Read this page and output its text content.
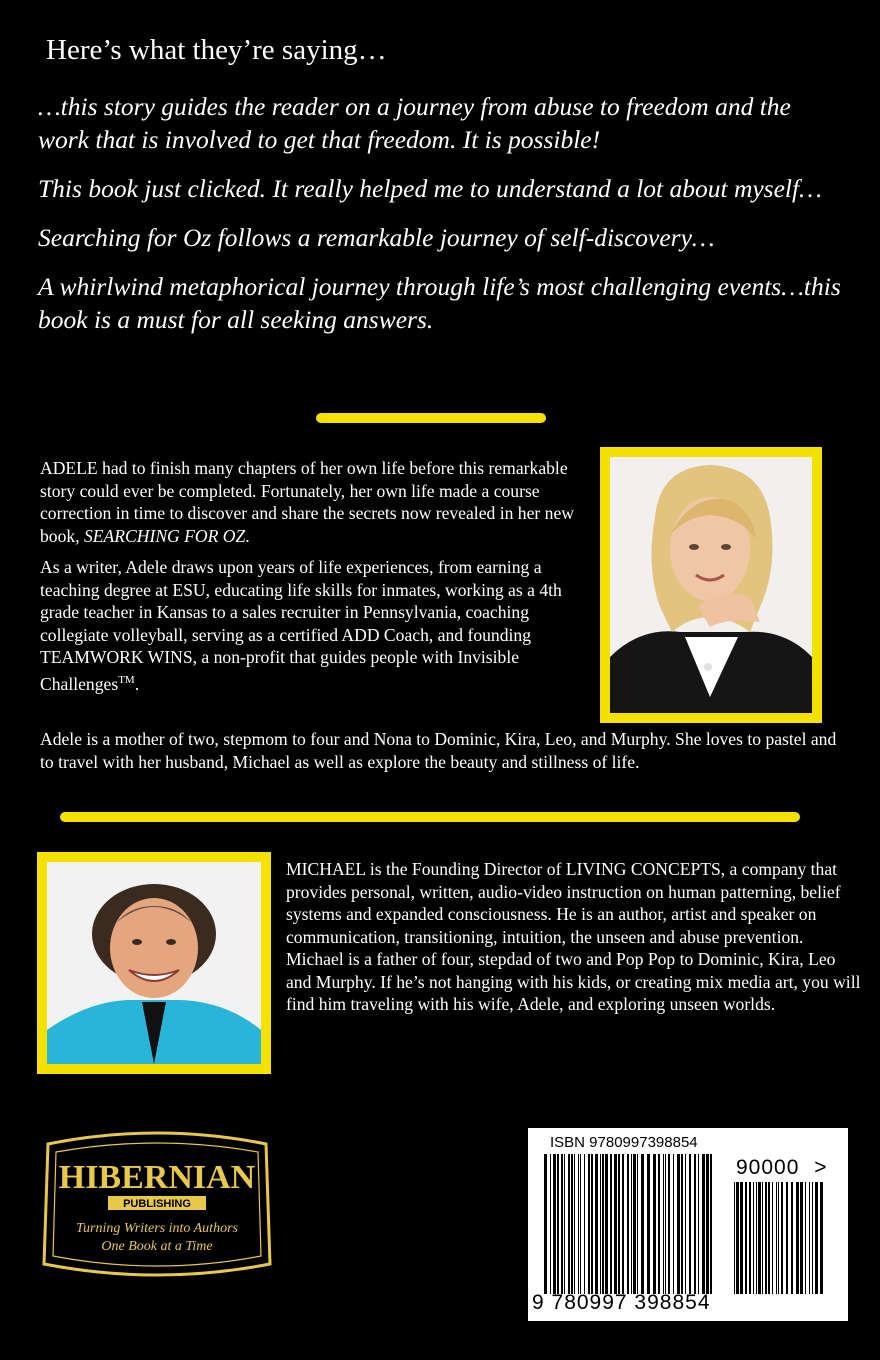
Here’s what they’re saying…

…this story guides the reader on a journey from abuse to freedom and the work that is involved to get that freedom. It is possible!

This book just clicked. It really helped me to understand a lot about myself…

Searching for Oz follows a remarkable journey of self-discovery…

A whirlwind metaphorical journey through life’s most challenging events…this book is a must for all seeking answers.

ADELE had to finish many chapters of her own life before this remarkable story could ever be completed. Fortunately, her own life made a course correction in time to discover and share the secrets now revealed in her new book, SEARCHING FOR OZ.

As a writer, Adele draws upon years of life experiences, from earning a teaching degree at ESU, educating life skills for inmates, working as a 4th grade teacher in Kansas to a sales recruiter in Pennsylvania, coaching collegiate volleyball, serving as a certified ADD Coach, and founding TEAMWORK WINS, a non-profit that guides people with Invisible Challenges™.

Adele is a mother of two, stepmom to four and Nona to Dominic, Kira, Leo, and Murphy. She loves to pastel and to travel with her husband, Michael as well as explore the beauty and stillness of life.

MICHAEL is the Founding Director of LIVING CONCEPTS, a company that provides personal, written, audio-video instruction on human patterning, belief systems and expanded consciousness. He is an author, artist and speaker on communication, transitioning, intuition, the unseen and abuse prevention. Michael is a father of four, stepdad of two and Pop Pop to Dominic, Kira, Leo and Murphy. If he’s not hanging with his kids, or creating mix media art, you will find him traveling with his wife, Adele, and exploring unseen worlds.

HIBERNIAN
PUBLISHING
Turning Writers into Authors
One Book at a Time
ISBN 9780997398854
90000 >
9 780997 398854
